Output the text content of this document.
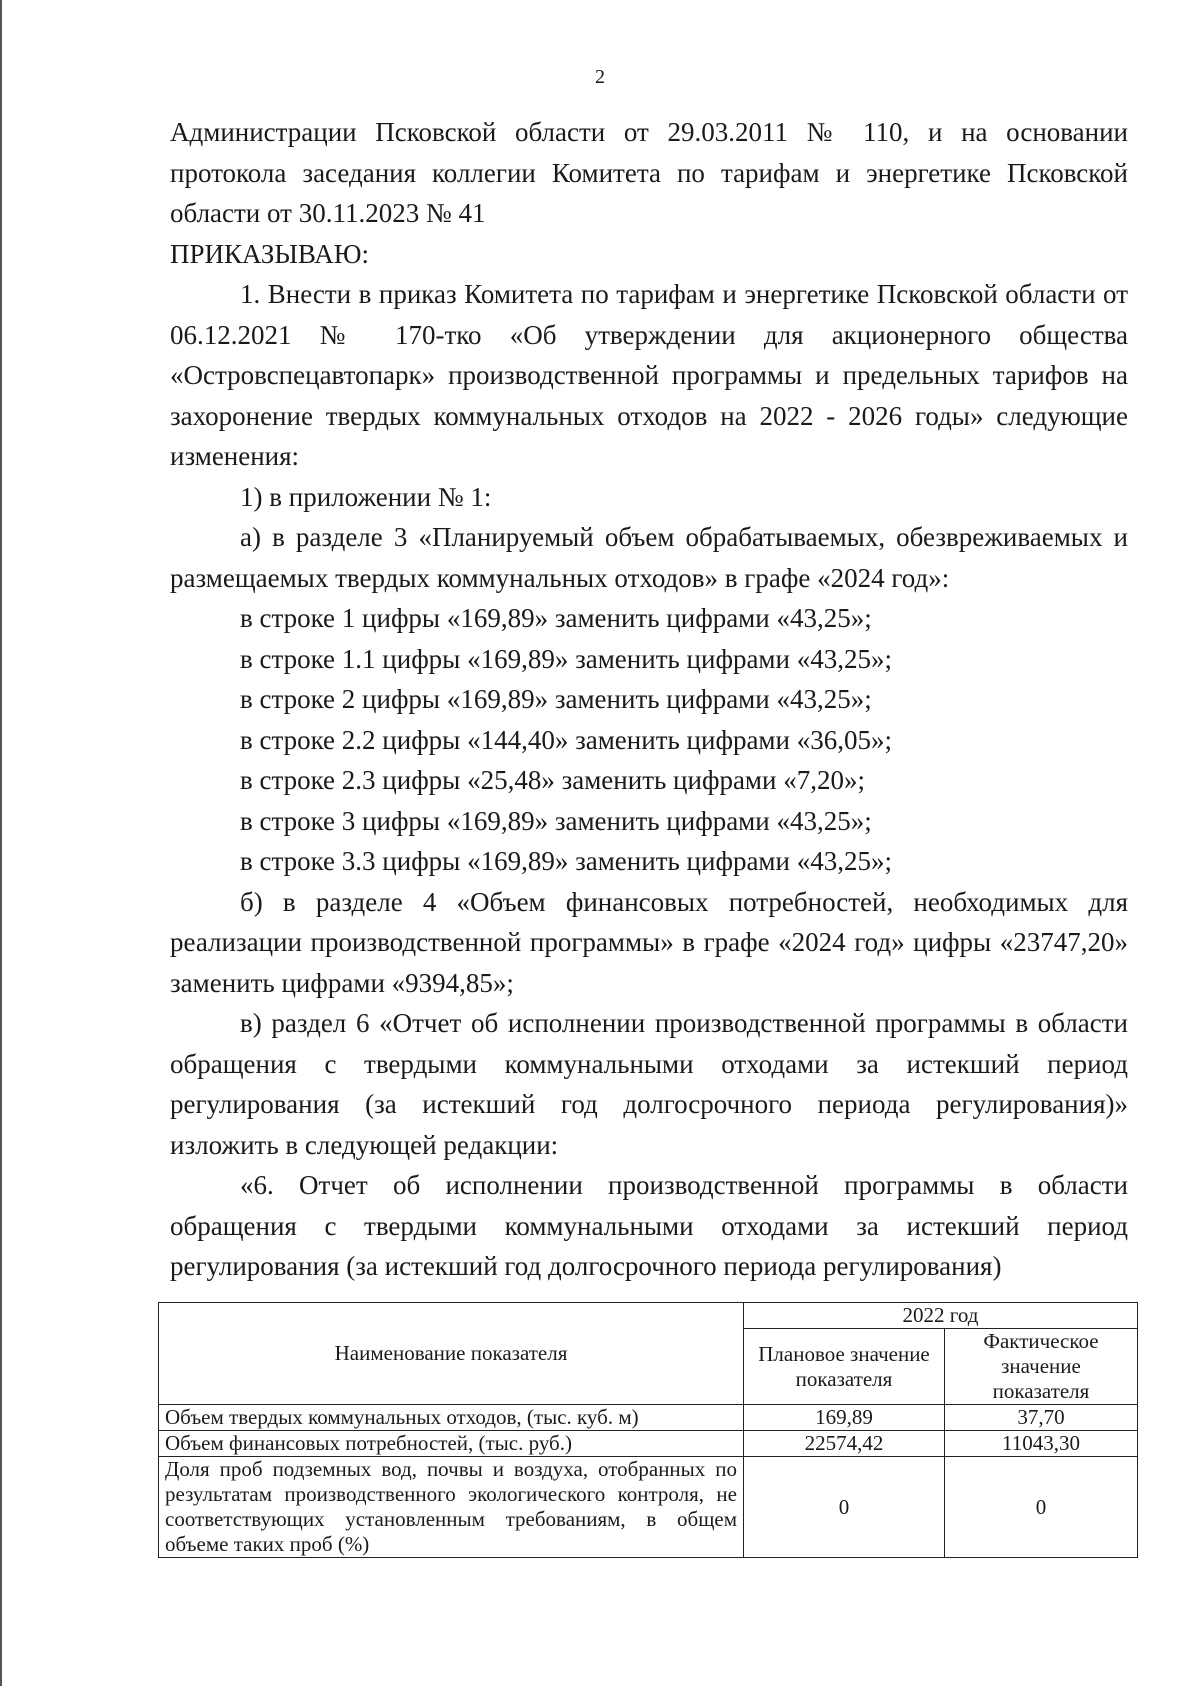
2

Администрации Псковской области от 29.03.2011 № 110, и на основании протокола заседания коллегии Комитета по тарифам и энергетике Псковской области от 30.11.2023 № 41

ПРИКАЗЫВАЮ:

1. Внести в приказ Комитета по тарифам и энергетике Псковской области от 06.12.2021 № 170-тко «Об утверждении для акционерного общества «Островспецавтопарк» производственной программы и предельных тарифов на захоронение твердых коммунальных отходов на 2022 - 2026 годы» следующие изменения:

1) в приложении № 1:

а) в разделе 3 «Планируемый объем обрабатываемых, обезвреживаемых и размещаемых твердых коммунальных отходов» в графе «2024 год»:

в строке 1 цифры «169,89» заменить цифрами «43,25»;

в строке 1.1 цифры «169,89» заменить цифрами «43,25»;

в строке 2 цифры «169,89» заменить цифрами «43,25»;

в строке 2.2 цифры «144,40» заменить цифрами «36,05»;

в строке 2.3 цифры «25,48» заменить цифрами «7,20»;

в строке 3 цифры «169,89» заменить цифрами «43,25»;

в строке 3.3 цифры «169,89» заменить цифрами «43,25»;

б) в разделе 4 «Объем финансовых потребностей, необходимых для реализации производственной программы» в графе «2024 год» цифры «23747,20» заменить цифрами «9394,85»;

в) раздел 6 «Отчет об исполнении производственной программы в области обращения с твердыми коммунальными отходами за истекший период регулирования (за истекший год долгосрочного периода регулирования)» изложить в следующей редакции:

«6. Отчет об исполнении производственной программы в области обращения с твердыми коммунальными отходами за истекший период регулирования (за истекший год долгосрочного периода регулирования)

Наименование показателя	2022 год	
	Плановое значение показателя	Фактическое значение показателя
Объем твердых коммунальных отходов, (тыс. куб. м)	169,89	37,70
Объем финансовых потребностей, (тыс. руб.)	22574,42	11043,30
Доля проб подземных вод, почвы и воздуха, отобранных по результатам производственного экологического контроля, не соответствующих установленным требованиям, в общем объеме таких проб (%)	0	0
